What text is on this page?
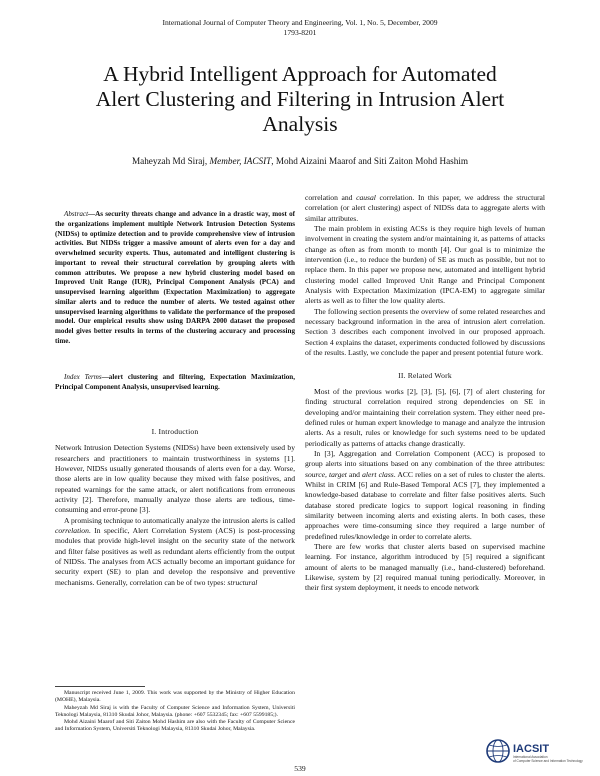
International Journal of Computer Theory and Engineering, Vol. 1, No. 5, December, 2009
1793-8201
A Hybrid Intelligent Approach for Automated
Alert Clustering and Filtering in Intrusion Alert
Analysis
Maheyzah Md Siraj, Member, IACSIT, Mohd Aizaini Maarof and Siti Zaiton Mohd Hashim

Abstract—As security threats change and advance in a drastic way, most of the organizations implement multiple Network Intrusion Detection Systems (NIDSs) to optimize detection and to provide comprehensive view of intrusion activities. But NIDSs trigger a massive amount of alerts even for a day and overwhelmed security experts. Thus, automated and intelligent clustering is important to reveal their structural correlation by grouping alerts with common attributes. We propose a new hybrid clustering model based on Improved Unit Range (IUR), Principal Component Analysis (PCA) and unsupervised learning algorithm (Expectation Maximization) to aggregate similar alerts and to reduce the number of alerts. We tested against other unsupervised learning algorithms to validate the performance of the proposed model. Our empirical results show using DARPA 2000 dataset the proposed model gives better results in terms of the clustering accuracy and processing time.

Index Terms—alert clustering and filtering, Expectation Maximization, Principal Component Analysis, unsupervised learning.

I. Introduction

Network Intrusion Detection Systems (NIDSs) have been extensively used by researchers and practitioners to maintain trustworthiness in systems [1]. However, NIDSs usually generated thousands of alerts even for a day. Worse, those alerts are in low quality because they mixed with false positives, and repeated warnings for the same attack, or alert notifications from erroneous activity [2]. Therefore, manually analyze those alerts are tedious, time-consuming and error-prone [3].

A promising technique to automatically analyze the intrusion alerts is called correlation. In specific, Alert Correlation System (ACS) is post-processing modules that provide high-level insight on the security state of the network and filter false positives as well as redundant alerts efficiently from the output of NIDSs. The analyses from ACS actually become an important guidance for security expert (SE) to plan and develop the responsive and preventive mechanisms. Generally, correlation can be of two types: structural

Manuscript received June 1, 2009. This work was supported by the Ministry of Higher Education (MOHE), Malaysia.

Maheyzah Md Siraj is with the Faculty of Computer Science and Information System, Universiti Teknologi Malaysia, 81310 Skudai Johor, Malaysia. (phone: +607 5532345; fax: +607 5599185;).

Mohd Aizaini Maarof and Siti Zaiton Mohd Hashim are also with the Faculty of Computer Science and Information System, Universiti Teknologi Malaysia, 81310 Skudai Johor, Malaysia.

correlation and causal correlation. In this paper, we address the structural correlation (or alert clustering) aspect of NIDSs data to aggregate alerts with similar attributes.

The main problem in existing ACSs is they require high levels of human involvement in creating the system and/or maintaining it, as patterns of attacks change as often as from month to month [4]. Our goal is to minimize the intervention (i.e., to reduce the burden) of SE as much as possible, but not to replace them. In this paper we propose new, automated and intelligent hybrid clustering model called Improved Unit Range and Principal Component Analysis with Expectation Maximization (IPCA-EM) to aggregate similar alerts as well as to filter the low quality alerts.

The following section presents the overview of some related researches and necessary background information in the area of intrusion alert correlation. Section 3 describes each component involved in our proposed approach. Section 4 explains the dataset, experiments conducted followed by discussions of the results. Lastly, we conclude the paper and present potential future work.

II. Related Work

Most of the previous works [2], [3], [5], [6], [7] of alert clustering for finding structural correlation required strong dependencies on SE in developing and/or maintaining their correlation system. They either need pre-defined rules or human expert knowledge to manage and analyze the intrusion alerts. As a result, rules or knowledge for such systems need to be updated periodically as patterns of attacks change drastically.

In [3], Aggregation and Correlation Component (ACC) is proposed to group alerts into situations based on any combination of the three attributes: source, target and alert class. ACC relies on a set of rules to cluster the alerts. Whilst in CRIM [6] and Rule-Based Temporal ACS [7], they implemented a knowledge-based database to correlate and filter false positives alerts. Such database stored predicate logics to support logical reasoning in finding similarity between incoming alerts and existing alerts. In both cases, these approaches were time-consuming since they required a large number of predefined rules/knowledge in order to correlate alerts.

There are few works that cluster alerts based on supervised machine learning. For instance, algorithm introduced by [5] required a significant amount of alerts to be managed manually (i.e., hand-clustered) beforehand. Likewise, system by [2] required manual tuning periodically. Moreover, in their first system deployment, it needs to encode network

539
IACSIT
International Association
of Computer Science and Information Technology
